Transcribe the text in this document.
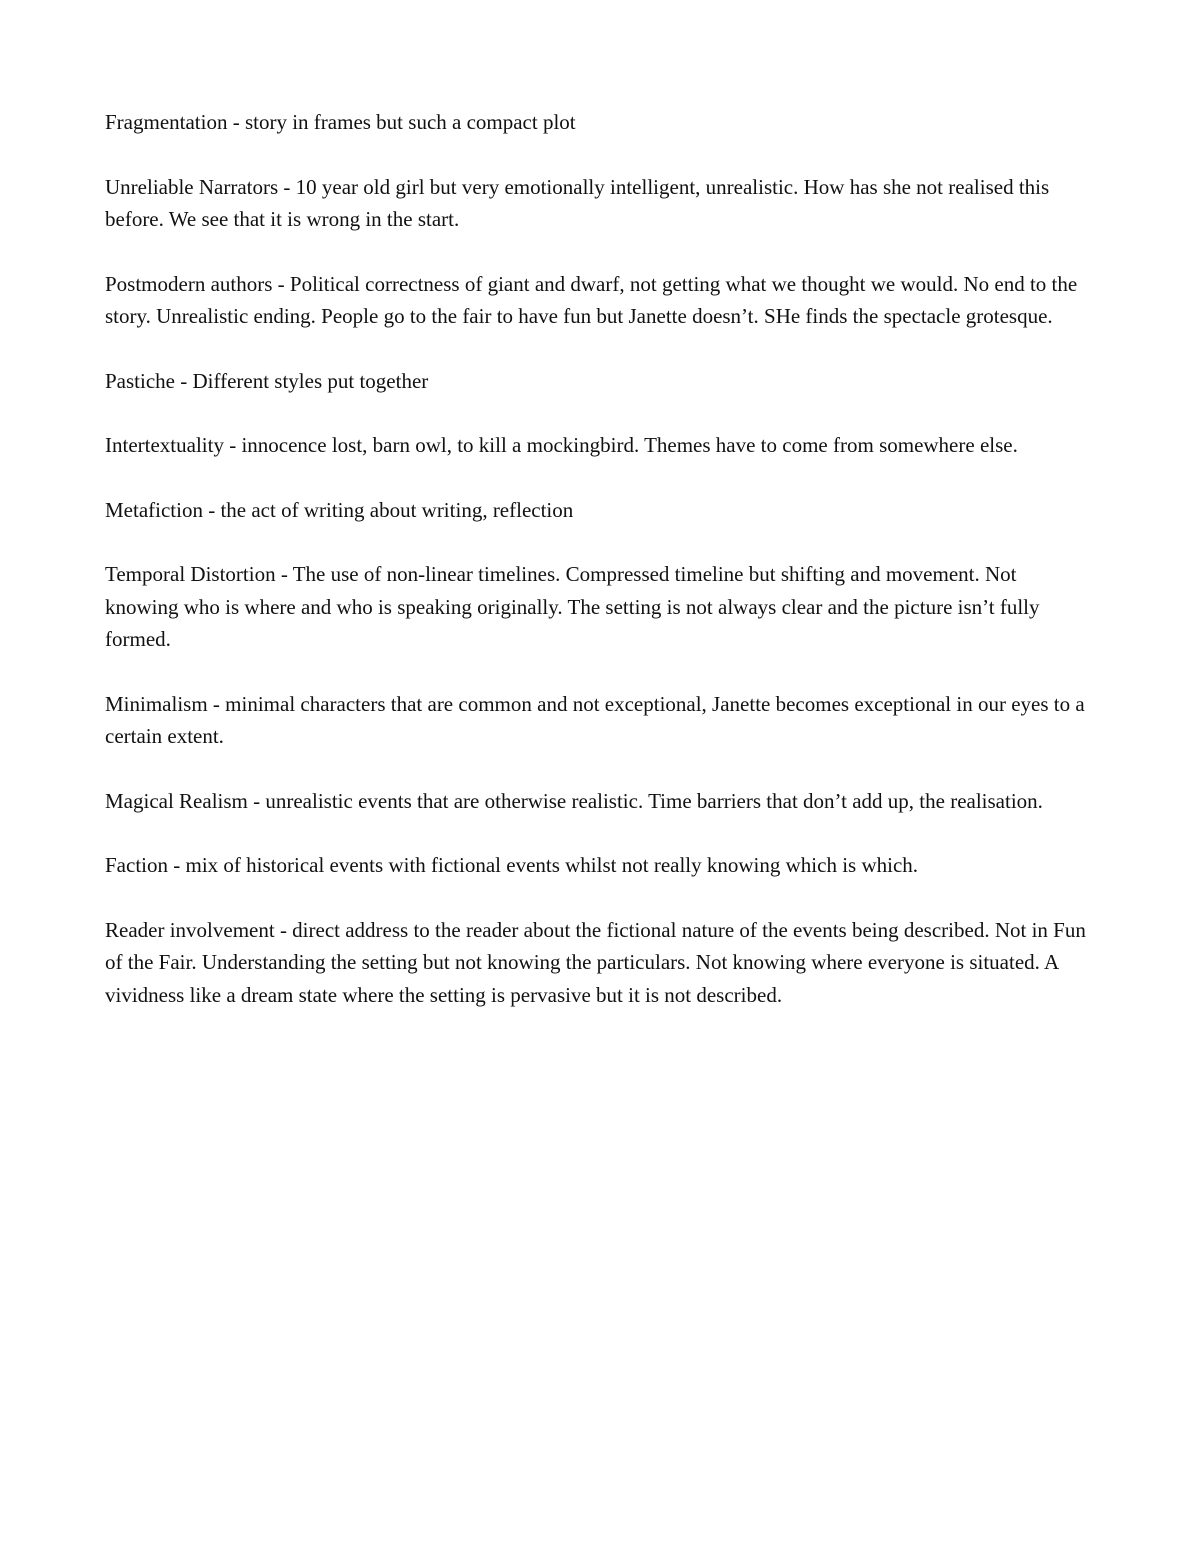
Fragmentation - story in frames but such a compact plot

Unreliable Narrators - 10 year old girl but very emotionally intelligent, unrealistic. How has she not realised this before. We see that it is wrong in the start.

Postmodern authors - Political correctness of giant and dwarf, not getting what we thought we would. No end to the story. Unrealistic ending. People go to the fair to have fun but Janette doesn’t. SHe finds the spectacle grotesque.

Pastiche - Different styles put together

Intertextuality - innocence lost, barn owl, to kill a mockingbird. Themes have to come from somewhere else.

Metafiction - the act of writing about writing, reflection

Temporal Distortion - The use of non-linear timelines. Compressed timeline but shifting and movement. Not knowing who is where and who is speaking originally. The setting is not always clear and the picture isn’t fully formed.

Minimalism - minimal characters that are common and not exceptional, Janette becomes exceptional in our eyes to a certain extent.

Magical Realism - unrealistic events that are otherwise realistic. Time barriers that don’t add up, the realisation.

Faction - mix of historical events with fictional events whilst not really knowing which is which.

Reader involvement - direct address to the reader about the fictional nature of the events being described. Not in Fun of the Fair. Understanding the setting but not knowing the particulars. Not knowing where everyone is situated. A vividness like a dream state where the setting is pervasive but it is not described.
